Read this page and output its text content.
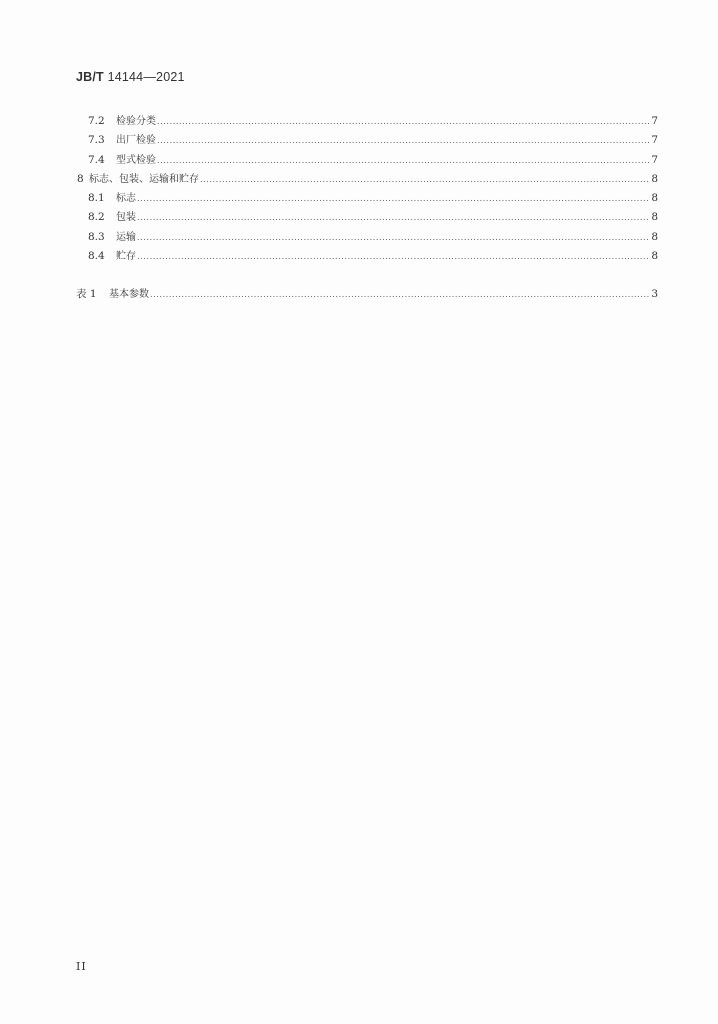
JB/T 14144—2021
7.2	检验分类 .....	7
7.3	出厂检验 .....	7
7.4	型式检验 .....	7
8 标志、包装、运输和贮存 .....	8
8.1	标志 .....	8
8.2	包装 .....	8
8.3	运输 .....	8
8.4	贮存 .....	8
表 1	基本参数 .....	3
II
